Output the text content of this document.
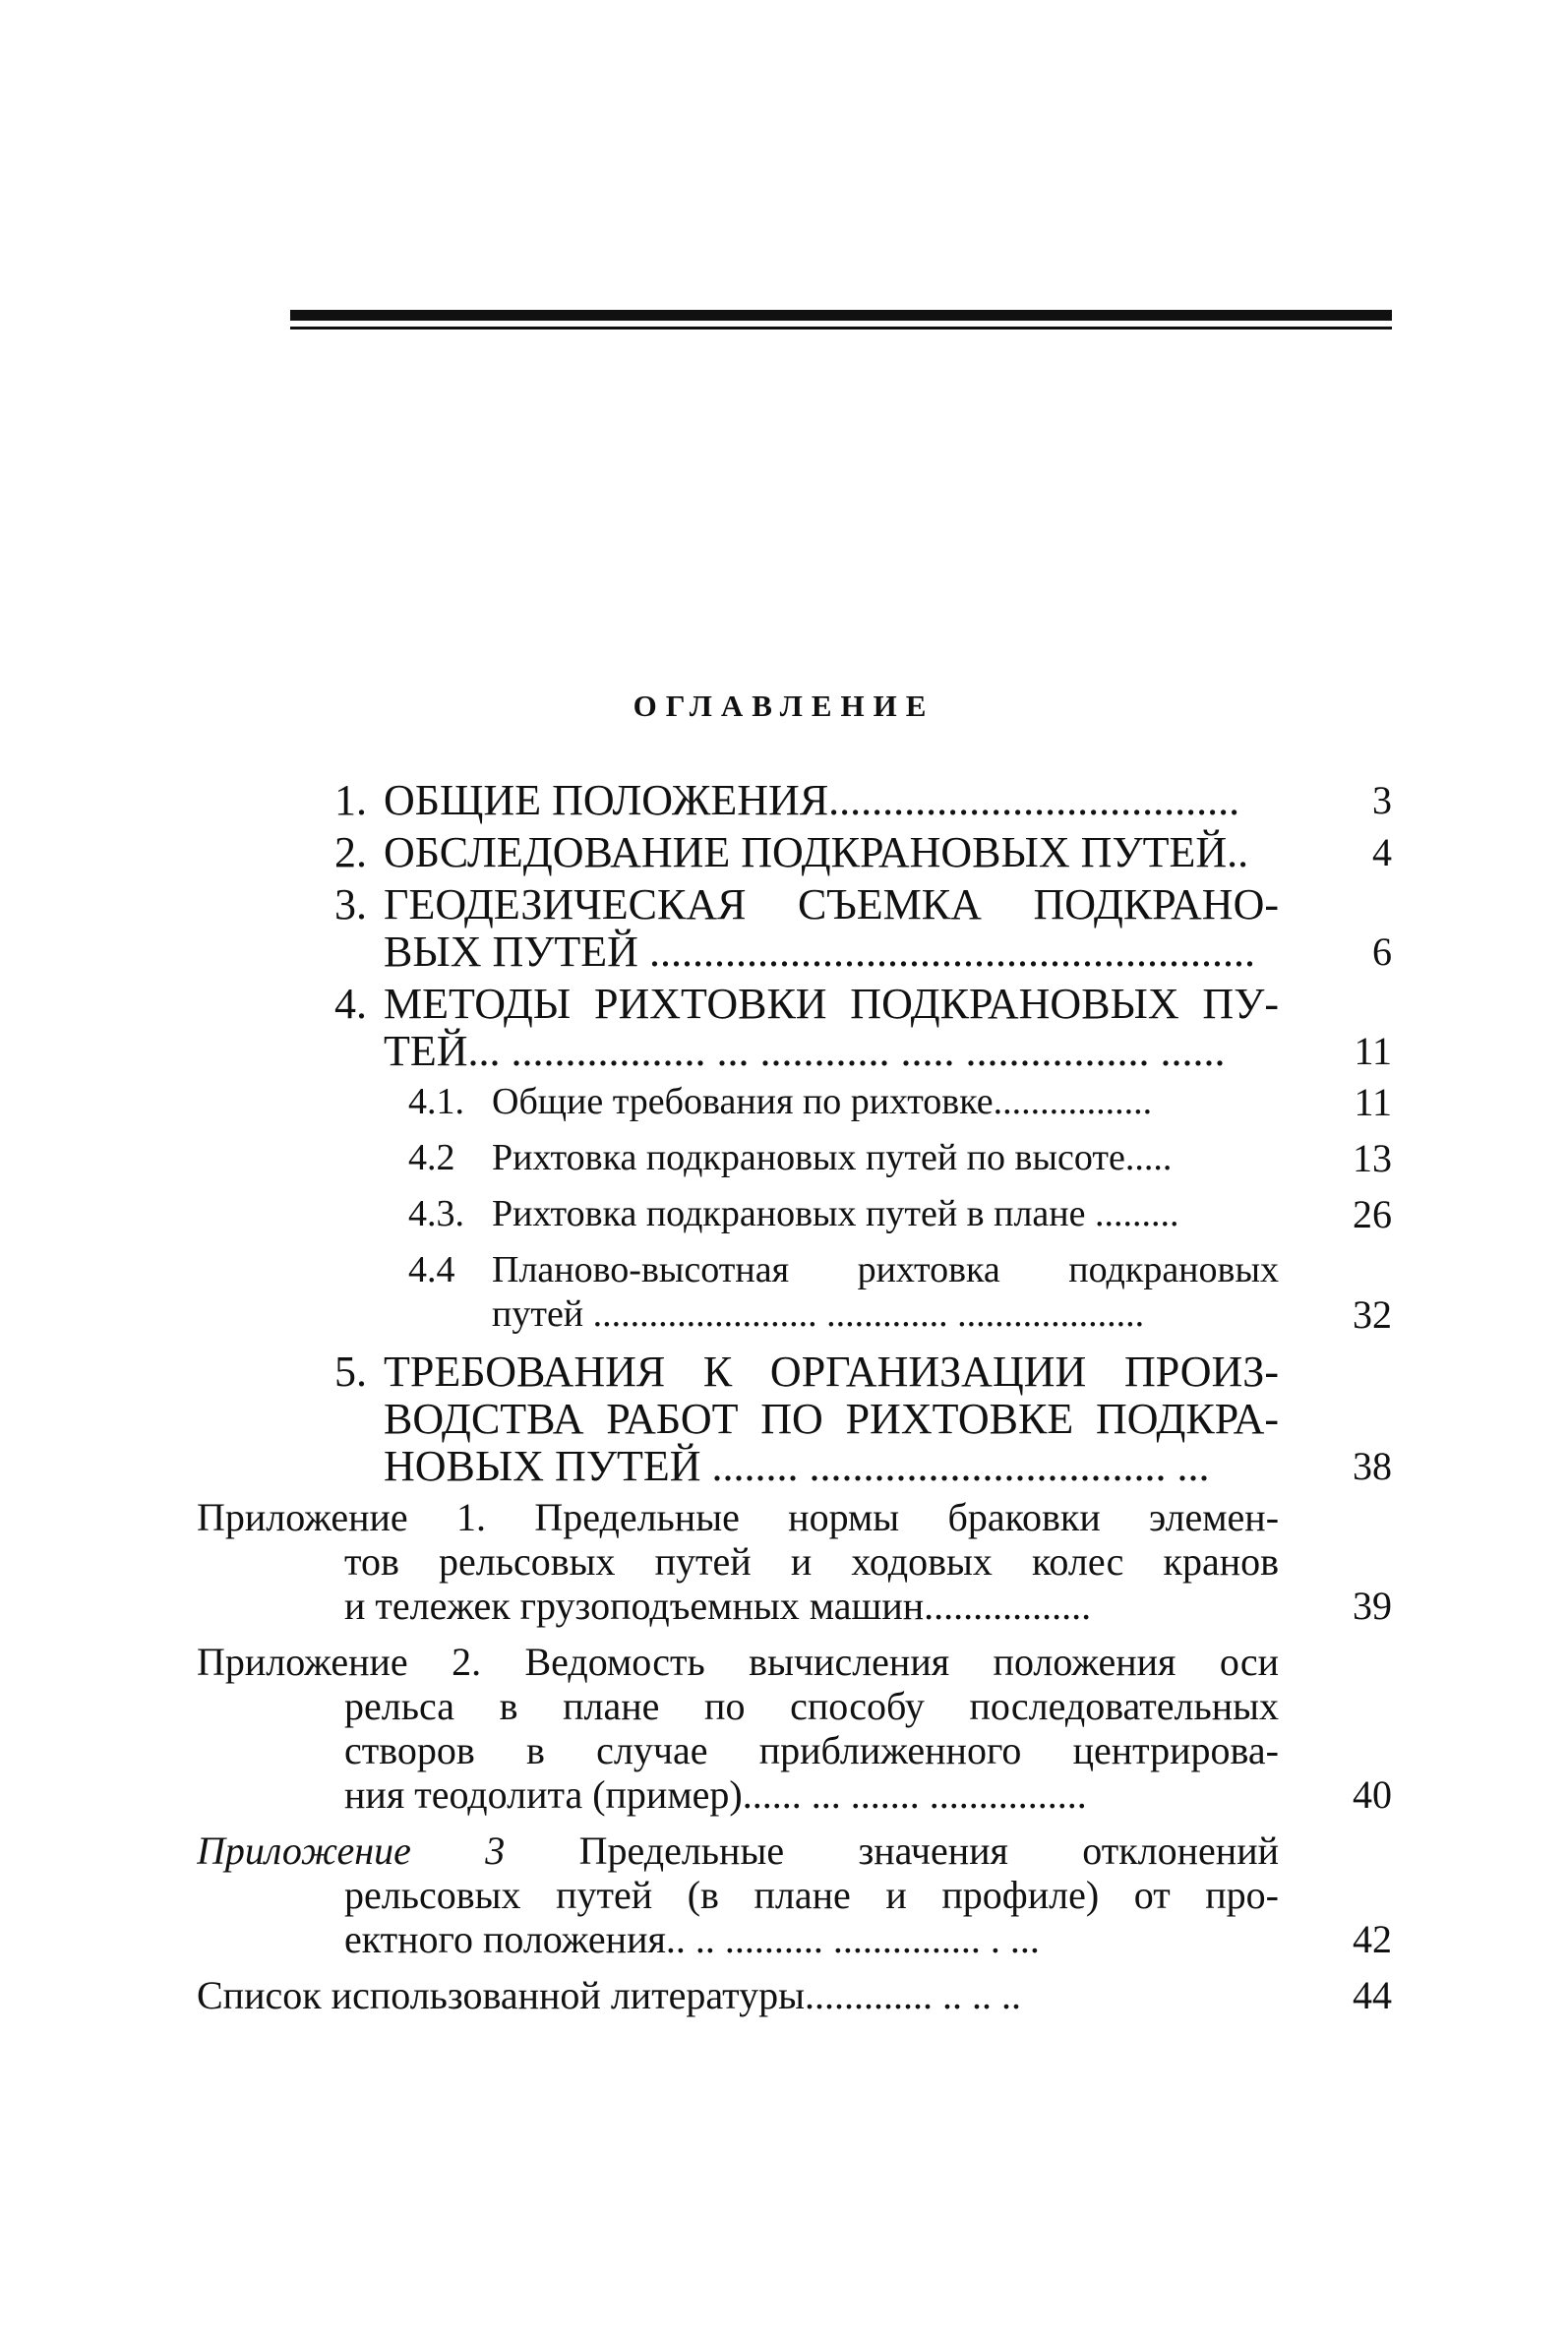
ОГЛАВЛЕНИЕ
1. ОБЩИЕ ПОЛОЖЕНИЯ......................................	3
2. ОБСЛЕДОВАНИЕ ПОДКРАНОВЫХ ПУТЕЙ..	4
3. ГЕОДЕЗИЧЕСКАЯ СЪЕМКА ПОДКРАНО-
ВЫХ ПУТЕЙ ........................................................	6
4. МЕТОДЫ РИХТОВКИ ПОДКРАНОВЫХ ПУ-
ТЕЙ... .................. ... ............ ..... ................. ......	11
4.1. Общие требования по рихтовке.................	11
4.2 Рихтовка подкрановых путей по высоте.....	13
4.3. Рихтовка подкрановых путей в плане .........	26
4.4 Планово-высотная рихтовка подкрановых
путей ........................ ............. ....................	32
5. ТРЕБОВАНИЯ К ОРГАНИЗАЦИИ ПРОИЗ-
ВОДСТВА РАБОТ ПО РИХТОВКЕ ПОДКРА-
НОВЫХ ПУТЕЙ ........ ................................. ...	38
Приложение 1. Предельные нормы браковки элемен-
тов рельсовых путей и ходовых колес кранов
и тележек грузоподъемных машин.................	39
Приложение 2. Ведомость вычисления положения оси
рельса в плане по способу последовательных
створов в случае приближенного центрирова-
ния теодолита (пример)...... ... ....... ................	40
Приложение 3 Предельные значения отклонений
рельсовых путей (в плане и профиле) от про-
ектного положения.. .. .......... ............... . ...	42
Список использованной литературы............. .. .. ..	44
